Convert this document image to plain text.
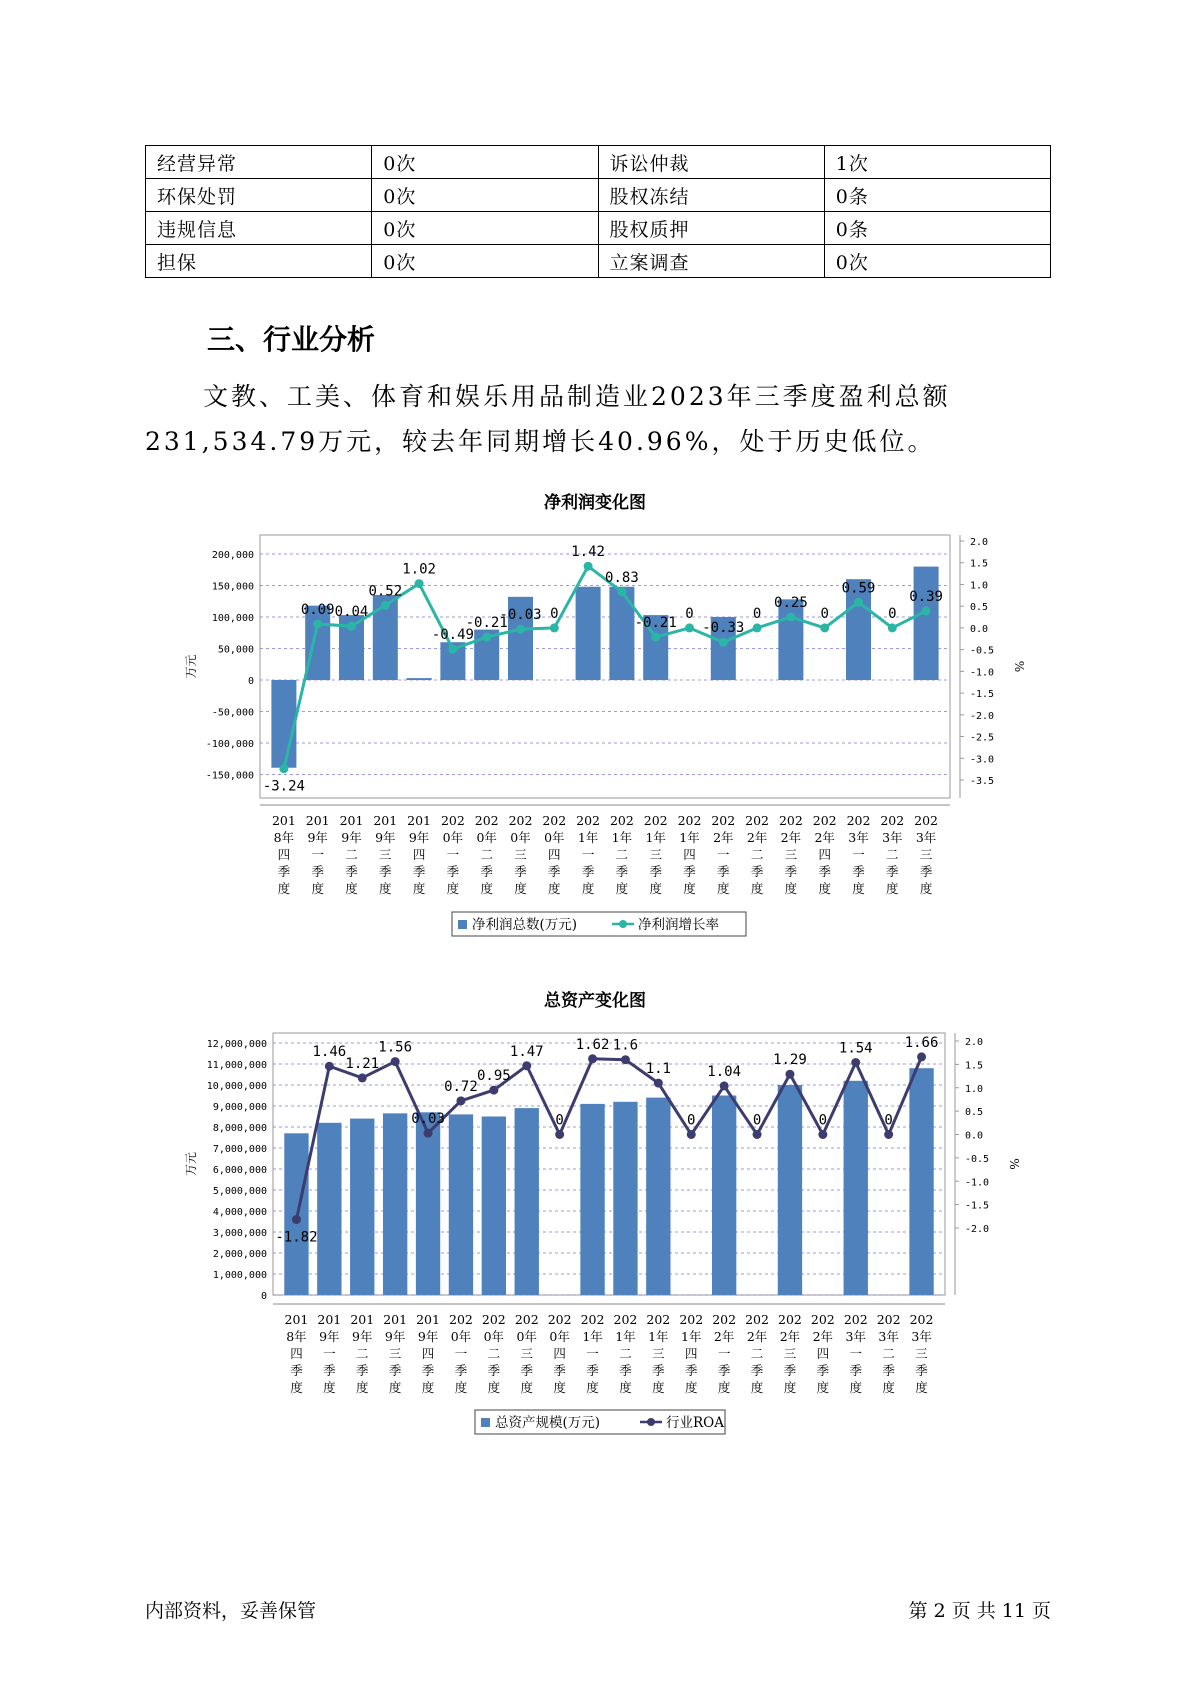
经营异常	0次	诉讼仲裁	1次
环保处罚	0次	股权冻结	0条
违规信息	0次	股权质押	0条
担保	0次	立案调查	0次
三、行业分析
文教、工美、体育和娱乐用品制造业2023年三季度盈利总额231,534.79万元，较去年同期增长40.96%，处于历史低位。
净利润变化图
200,000
150,000
100,000
50,000
0
-50,000
-100,000
-150,000
2.0
1.5
1.0
0.5
0.0
-0.5
-1.0
-1.5
-2.0
-2.5
-3.0
-3.5
万元	%
-3.24
0.09 0.04
0.52
1.02
-0.49
-0.21
-0.03 0
1.42
0.83
-0.21
0
-0.33
0
0.25
0
0.59
0
0.39
201 8年四季度
201 9年一季度
201 9年二季度
201 9年三季度
201 9年四季度
202 0年一季度
202 0年二季度
202 0年三季度
202 0年四季度
202 1年一季度
202 1年二季度
202 1年三季度
202 1年四季度
202 2年一季度
202 2年二季度
202 2年三季度
202 2年四季度
202 3年一季度
202 3年二季度
202 3年三季度
净利润总数(万元)	净利润增长率
总资产变化图
12,000,000
11,000,000
10,000,000
9,000,000
8,000,000
7,000,000
6,000,000
5,000,000
4,000,000
3,000,000
2,000,000
1,000,000
0
2.0
1.5
1.0
0.5
0.0
-0.5
-1.0
-1.5
-2.0
万元	%
-1.82
1.46
1.21
1.56
0.03
0.72
0.95
1.47
0
1.62 1.6
1.1
0
1.04
0
1.29
0
1.54
0
1.66
201 8年四季度
201 9年一季度
201 9年二季度
201 9年三季度
201 9年四季度
202 0年一季度
202 0年二季度
202 0年三季度
202 0年四季度
202 1年一季度
202 1年二季度
202 1年三季度
202 1年四季度
202 2年一季度
202 2年二季度
202 2年三季度
202 2年四季度
202 3年一季度
202 3年二季度
202 3年三季度
总资产规模(万元)	行业ROA
内部资料，妥善保管	第 2 页 共 11 页
